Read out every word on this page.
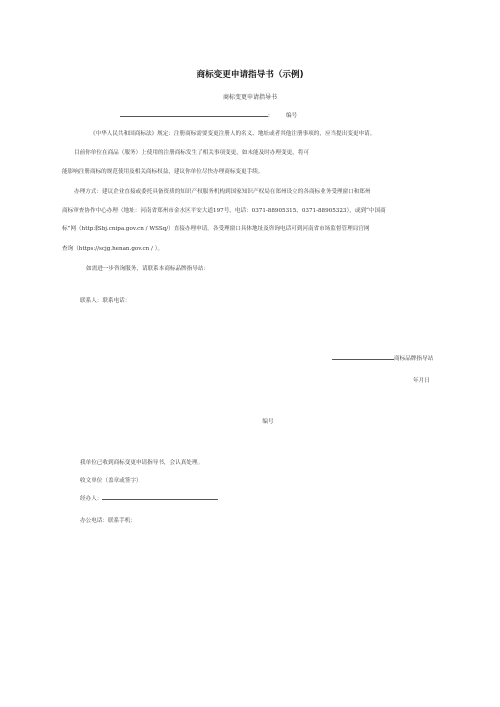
商标变更申请指导书（示例)
商标变更申请指导书
:	编号
《中华人民共和国商标法》规定：注册商标需要变更注册人的名义、地址或者其他注册事项的，应当提出变更申请。
目前你单位在商品（服务）上使用的注册商标发生了相关事项变更，如未能及时办理变更，将可
能影响注册商标的规范使用及相关商标权益，建议你单位尽快办理商标变更手续。
办理方式：建议企业直接或委托具备资质的知识产权服务机构到国家知识产权局在郑州设立的各商标业务受理窗口和郑州
商标审查协作中心办理（地址：河南省郑州市金水区平安大道197号，电话：0371-88905315、0371-88905323），或到“中国商
标”网（http:∥Sbj.cnipa.gov.cn / WSSq/）直接办理申请。各受理窗口具体地址及咨询电话可到河南省市场监督管理局官网
查询（https://scjg.henan.gov.cn / ）。
如需进一步咨询服务，请联系本商标品牌指导站：
联系人：联系电话：
商标品牌指导站
年月日
编号
我单位已收到商标变更申请指导书，会认真处理。
收文单位（盖章或签字）
经办人：
办公电话：联系手机：
